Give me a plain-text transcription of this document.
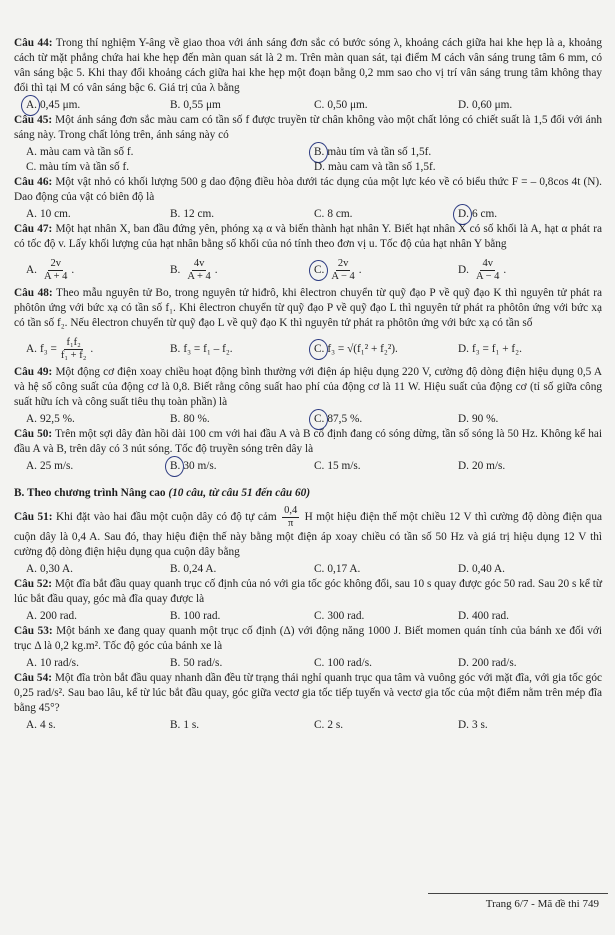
Câu 44: Trong thí nghiệm Y-âng về giao thoa với ánh sáng đơn sắc có bước sóng λ, khoảng cách giữa hai khe hẹp là a, khoảng cách từ mặt phẳng chứa hai khe hẹp đến màn quan sát là 2 m. Trên màn quan sát, tại điểm M cách vân sáng trung tâm 6 mm, có vân sáng bậc 5. Khi thay đổi khoảng cách giữa hai khe hẹp một đoạn bằng 0,2 mm sao cho vị trí vân sáng trung tâm không thay đổi thì tại M có vân sáng bậc 6. Giá trị của λ bằng
A. 0,45 μm.	B. 0,55 μm	C. 0,50 μm.	D. 0,60 μm.
Câu 45: Một ánh sáng đơn sắc màu cam có tần số f được truyền từ chân không vào một chất lỏng có chiết suất là 1,5 đối với ánh sáng này. Trong chất lỏng trên, ánh sáng này có
A. màu cam và tần số f.	B. màu tím và tần số 1,5f.
C. màu tím và tần số f.	D. màu cam và tần số 1,5f.
Câu 46: Một vật nhỏ có khối lượng 500 g dao động điều hòa dưới tác dụng của một lực kéo về có biểu thức F = – 0,8cos 4t (N). Dao động của vật có biên độ là
A. 10 cm.	B. 12 cm.	C. 8 cm.	D. 6 cm.
Câu 47: Một hạt nhân X, ban đầu đứng yên, phóng xạ α và biến thành hạt nhân Y. Biết hạt nhân X có số khối là A, hạt α phát ra có tốc độ v. Lấy khối lượng của hạt nhân bằng số khối của nó tính theo đơn vị u. Tốc độ của hạt nhân Y bằng
A. $\frac{2v}{A + 4}$ .	B. $\frac{4v}{A + 4}$ .	C. $\frac{2v}{A - 4}$ .	D. $\frac{4v}{A - 4}$ .
Câu 48: Theo mẫu nguyên tử Bo, trong nguyên tử hiđrô, khi êlectron chuyển từ quỹ đạo P về quỹ đạo K thì nguyên tử phát ra phôtôn ứng với bức xạ có tần số f₁. Khi êlectron chuyển từ quỹ đạo P về quỹ đạo L thì nguyên tử phát ra phôtôn ứng với bức xạ có tần số f₂. Nếu êlectron chuyển từ quỹ đạo L về quỹ đạo K thì nguyên tử phát ra phôtôn ứng với bức xạ có tần số
A. $f_3 = \frac{\text{f₁f₂}}{\text{f₁ + f₂}}$ .	B. f₃ = f₁ – f₂.	C. f₃ = √(f₁² + f₂²).	D. f₃ = f₁ + f₂.
Câu 49: Một động cơ điện xoay chiều hoạt động bình thường với điện áp hiệu dụng 220 V, cường độ dòng điện hiệu dụng 0,5 A và hệ số công suất của động cơ là 0,8. Biết rằng công suất hao phí của động cơ là 11 W. Hiệu suất của động cơ (tỉ số giữa công suất hữu ích và công suất tiêu thụ toàn phần) là
A. 92,5 %.	B. 80 %.	C. 87,5 %.	D. 90 %.
Câu 50: Trên một sợi dây đàn hồi dài 100 cm với hai đầu A và B cố định đang có sóng dừng, tần số sóng là 50 Hz. Không kể hai đầu A và B, trên dây có 3 nút sóng. Tốc độ truyền sóng trên dây là
A. 25 m/s.	B. 30 m/s.	C. 15 m/s.	D. 20 m/s.
B. Theo chương trình Nâng cao (10 câu, từ câu 51 đến câu 60)
Câu 51: Khi đặt vào hai đầu một cuộn dây có độ tự cảm $\frac{0,4}{\pi}$ H một hiệu điện thế một chiều 12 V thì cường độ dòng điện qua cuộn dây là 0,4 A. Sau đó, thay hiệu điện thế này bằng một điện áp xoay chiều có tần số 50 Hz và giá trị hiệu dụng 12 V thì cường độ dòng điện hiệu dụng qua cuộn dây bằng
A. 0,30 A.	B. 0,24 A.	C. 0,17 A.	D. 0,40 A.
Câu 52: Một đĩa bắt đầu quay quanh trục cố định của nó với gia tốc góc không đổi, sau 10 s quay được góc 50 rad. Sau 20 s kể từ lúc bắt đầu quay, góc mà đĩa quay được là
A. 200 rad.	B. 100 rad.	C. 300 rad.	D. 400 rad.
Câu 53: Một bánh xe đang quay quanh một trục cố định (Δ) với động năng 1000 J. Biết momen quán tính của bánh xe đối với trục Δ là 0,2 kg.m². Tốc độ góc của bánh xe là
A. 10 rad/s.	B. 50 rad/s.	C. 100 rad/s.	D. 200 rad/s.
Câu 54: Một đĩa tròn bắt đầu quay nhanh dần đều từ trạng thái nghỉ quanh trục qua tâm và vuông góc với mặt đĩa, với gia tốc góc 0,25 rad/s². Sau bao lâu, kể từ lúc bắt đầu quay, góc giữa vectơ gia tốc tiếp tuyến và vectơ gia tốc của một điểm nằm trên mép đĩa bằng 45°?
A. 4 s.	B. 1 s.	C. 2 s.	D. 3 s.
Trang 6/7 - Mã đề thi 749
